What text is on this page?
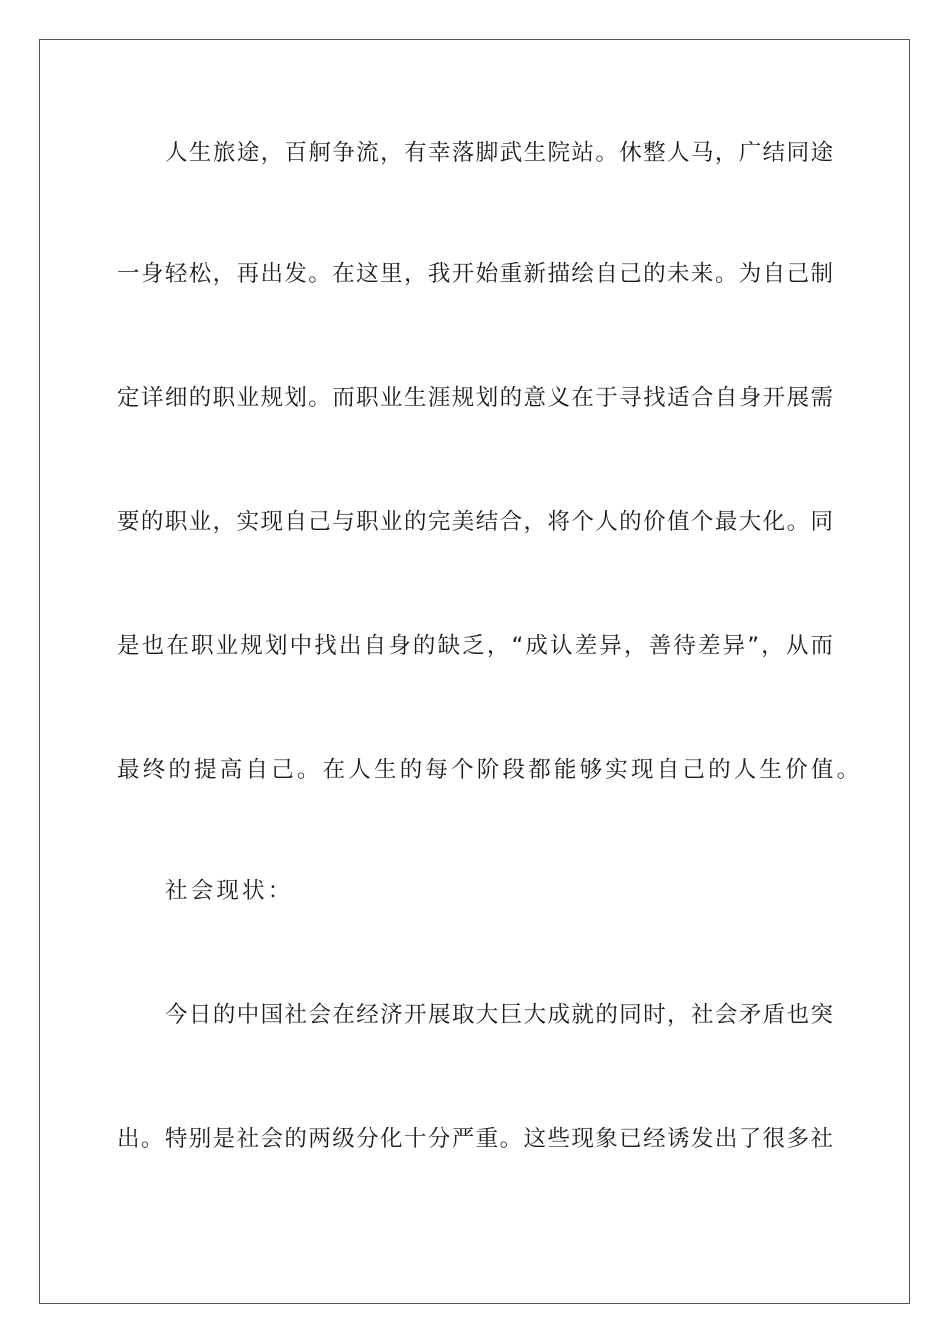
人生旅途，百舸争流，有幸落脚武生院站。休整人马，广结同途

一身轻松，再出发。在这里，我开始重新描绘自己的未来。为自己制

定详细的职业规划。而职业生涯规划的意义在于寻找适合自身开展需

要的职业，实现自己与职业的完美结合，将个人的价值个最大化。同

是也在职业规划中找出自身的缺乏，“成认差异，善待差异”，从而

最终的提高自己。在人生的每个阶段都能够实现自己的人生价值。

社会现状：

今日的中国社会在经济开展取大巨大成就的同时，社会矛盾也突

出。特别是社会的两级分化十分严重。这些现象已经诱发出了很多社
